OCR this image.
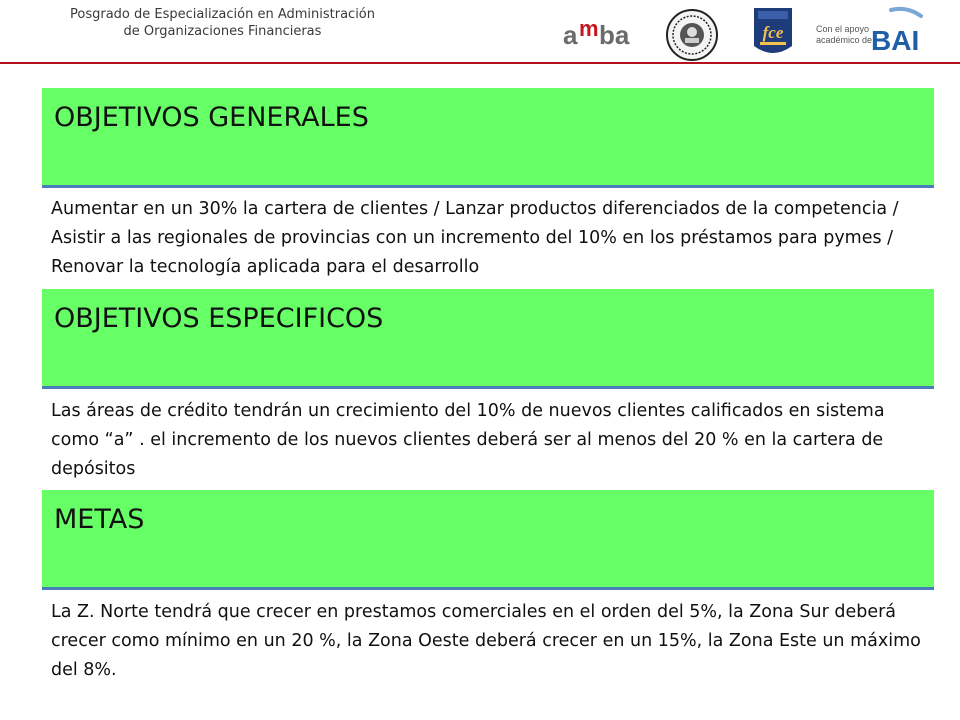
Posgrado de Especialización en Administración
de Organizaciones Financieras	a m ba	fce	Con el apoyo
académico de
BAI
OBJETIVOS GENERALES
Aumentar en un 30% la cartera de clientes / Lanzar productos diferenciados de la competencia / Asistir a las regionales de provincias con un incremento del 10% en los préstamos para pymes / Renovar la tecnología aplicada para el desarrollo
OBJETIVOS ESPECIFICOS
Las áreas de crédito tendrán un crecimiento del 10% de nuevos clientes calificados en sistema como “a” . el incremento de los nuevos clientes deberá ser al menos del 20 % en la cartera de depósitos
METAS
La Z. Norte tendrá que crecer en prestamos comerciales en el orden del 5%, la Zona Sur deberá crecer como mínimo en un 20 %, la Zona Oeste deberá crecer en un 15%, la Zona Este un máximo del 8%.
